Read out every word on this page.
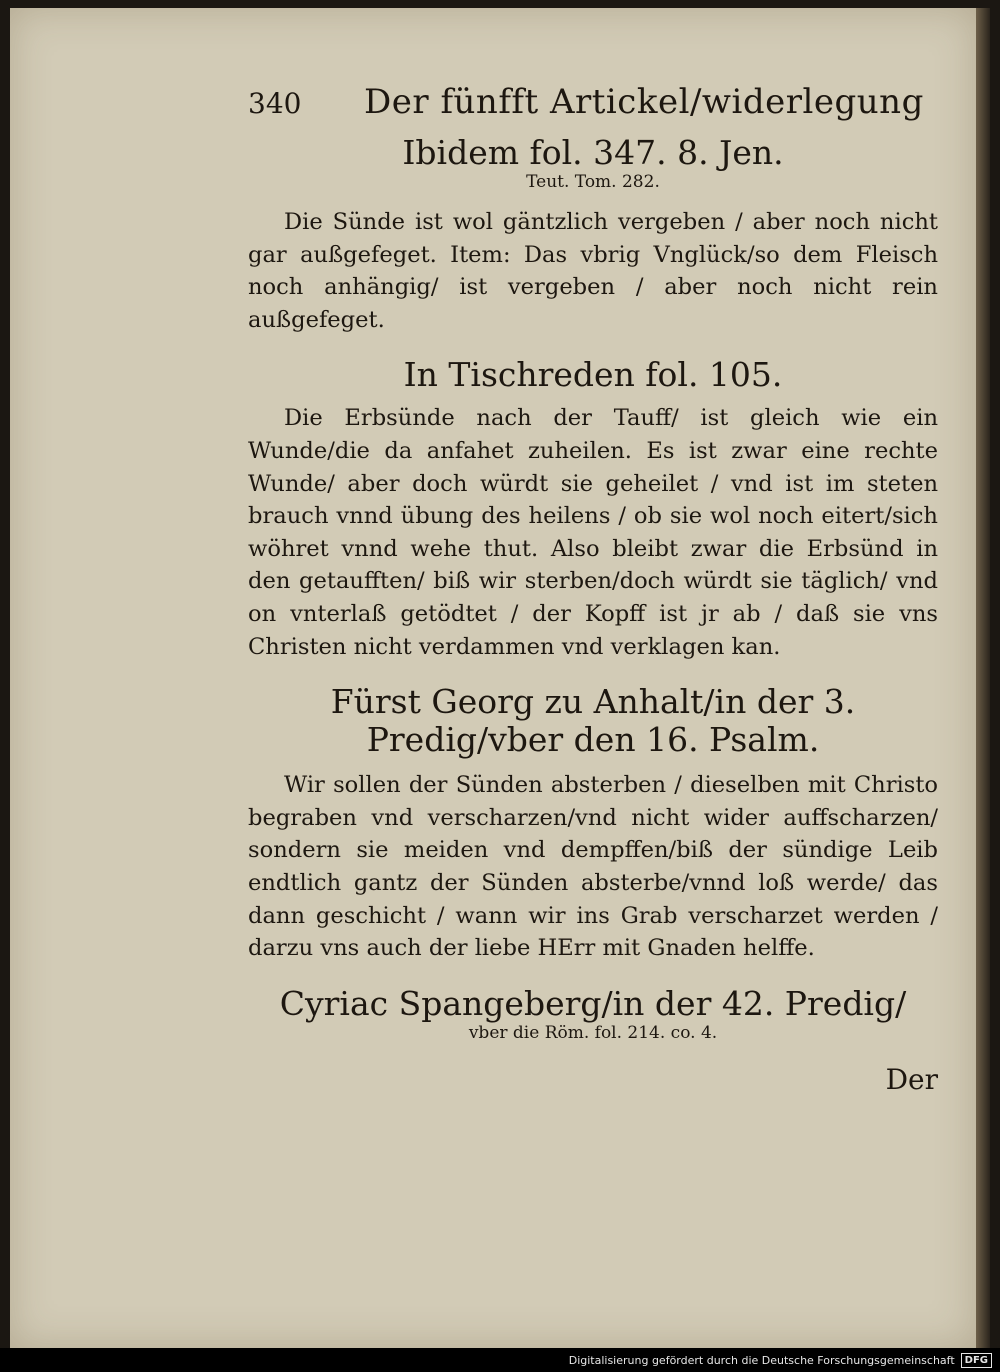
340	Der fünfft Artickel/widerlegung
Ibidem fol. 347. 8. Jen.
Teut. Tom. 282.

Die Sünde ist wol gäntzlich vergeben / aber noch nicht gar außgefeget. Item: Das vbrig Vnglück/so dem Fleisch noch anhängig/ ist vergeben / aber noch nicht rein außgefeget.

In Tischreden fol. 105.

Die Erbsünde nach der Tauff/ ist gleich wie ein Wunde/die da anfahet zuheilen. Es ist zwar eine rechte Wunde/ aber doch würdt sie geheilet / vnd ist im steten brauch vnnd übung des heilens / ob sie wol noch eitert/sich wöhret vnnd wehe thut. Also bleibt zwar die Erbsünd in den getaufften/ biß wir sterben/doch würdt sie täglich/ vnd on vnterlaß getödtet / der Kopff ist jr ab / daß sie vns Christen nicht verdammen vnd verklagen kan.

Fürst Georg zu Anhalt/in der 3. Predig/vber den 16. Psalm.

Wir sollen der Sünden absterben / dieselben mit Christo begraben vnd verscharzen/vnd nicht wider auffscharzen/ sondern sie meiden vnd dempffen/biß der sündige Leib endtlich gantz der Sünden absterbe/vnnd loß werde/ das dann geschicht / wann wir ins Grab verscharzet werden / darzu vns auch der liebe HErr mit Gnaden helffe.

Cyriac Spangeberg/in der 42. Predig/
vber die Röm. fol. 214. co. 4.
Der
Digitalisierung gefördert durch die Deutsche Forschungsgemeinschaft	DFG
